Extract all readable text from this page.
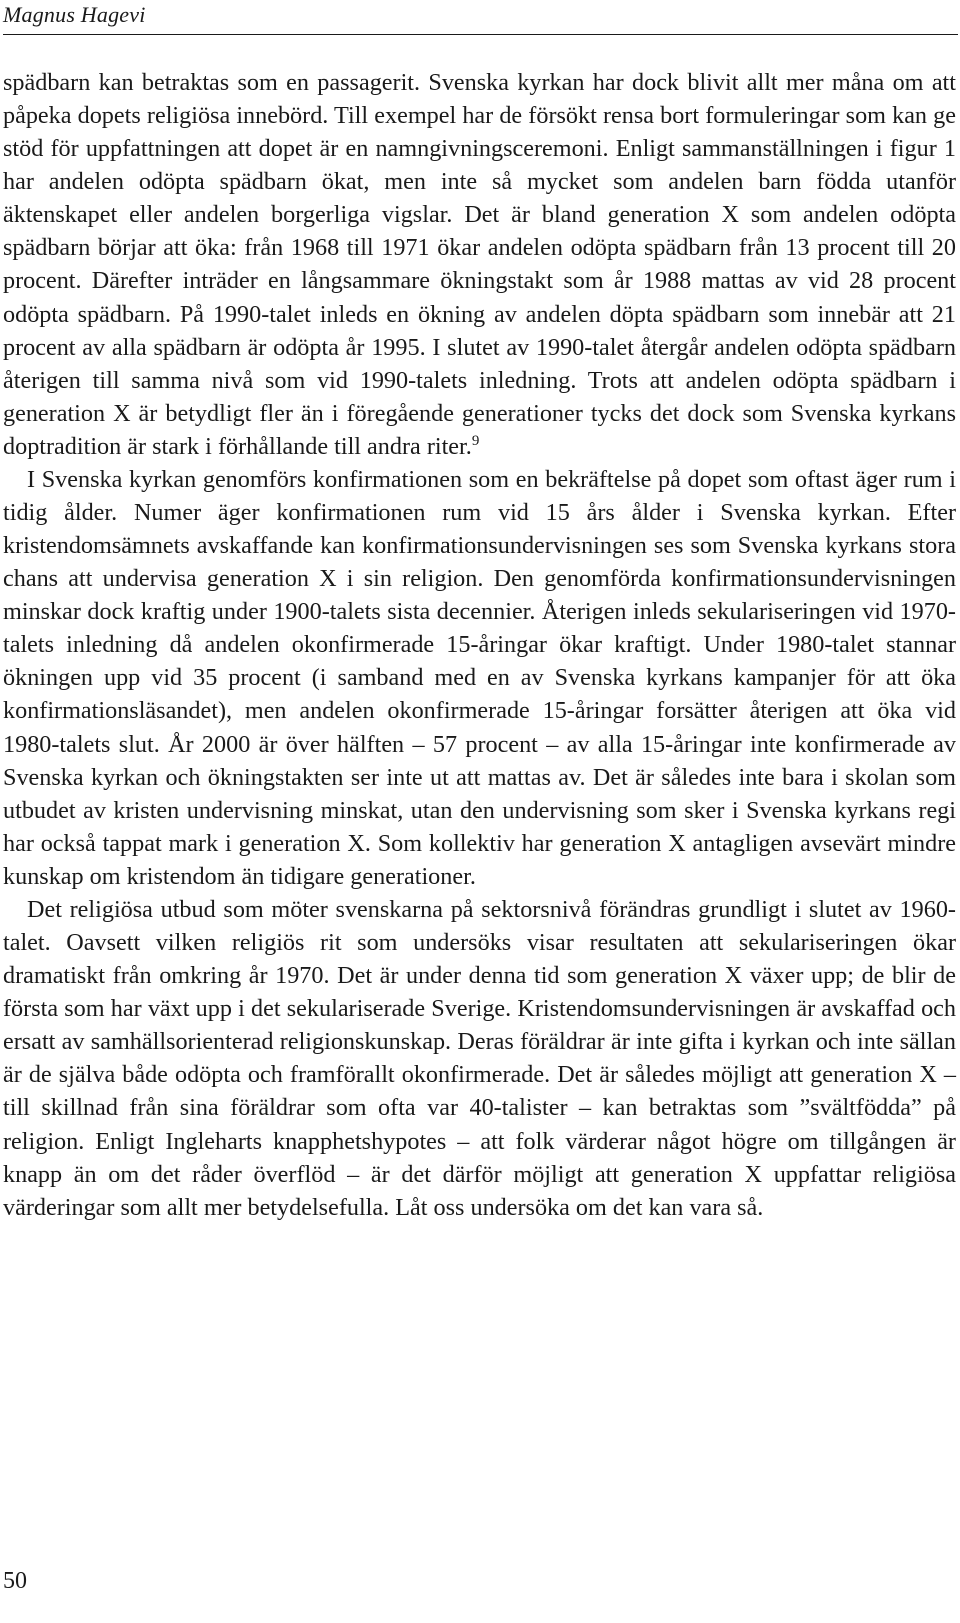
Magnus Hagevi

spädbarn kan betraktas som en passagerit. Svenska kyrkan har dock blivit allt mer måna om att påpeka dopets religiösa innebörd. Till exempel har de försökt rensa bort formuleringar som kan ge stöd för uppfattningen att dopet är en namngivningsceremoni. Enligt sammanställningen i figur 1 har andelen odöpta spädbarn ökat, men inte så mycket som andelen barn födda utanför äktenskapet eller andelen borgerliga vigslar. Det är bland generation X som andelen odöpta spädbarn börjar att öka: från 1968 till 1971 ökar andelen odöpta spädbarn från 13 procent till 20 procent. Därefter inträder en långsammare ökningstakt som år 1988 mattas av vid 28 procent odöpta spädbarn. På 1990-talet inleds en ökning av andelen döpta spädbarn som innebär att 21 procent av alla spädbarn är odöpta år 1995. I slutet av 1990-talet återgår andelen odöpta spädbarn återigen till samma nivå som vid 1990-talets inledning. Trots att andelen odöpta spädbarn i generation X är betydligt fler än i föregående generationer tycks det dock som Svenska kyrkans doptradition är stark i förhållande till andra riter.$^9$

I Svenska kyrkan genomförs konfirmationen som en bekräftelse på dopet som oftast äger rum i tidig ålder. Numer äger konfirmationen rum vid 15 års ålder i Svenska kyrkan. Efter kristendomsämnets avskaffande kan konfirmationsundervisningen ses som Svenska kyrkans stora chans att undervisa generation X i sin religion. Den genomförda konfirmationsundervisningen minskar dock kraftig under 1900-talets sista decennier. Återigen inleds sekulariseringen vid 1970-talets inledning då andelen okonfirmerade 15-åringar ökar kraftigt. Under 1980-talet stannar ökningen upp vid 35 procent (i samband med en av Svenska kyrkans kampanjer för att öka konfirmationsläsandet), men andelen okonfirmerade 15-åringar forsätter återigen att öka vid 1980-talets slut. År 2000 är över hälften – 57 procent – av alla 15-åringar inte konfirmerade av Svenska kyrkan och ökningstakten ser inte ut att mattas av. Det är således inte bara i skolan som utbudet av kristen undervisning minskat, utan den undervisning som sker i Svenska kyrkans regi har också tappat mark i generation X. Som kollektiv har generation X antagligen avsevärt mindre kunskap om kristendom än tidigare generationer.

Det religiösa utbud som möter svenskarna på sektorsnivå förändras grundligt i slutet av 1960-talet. Oavsett vilken religiös rit som undersöks visar resultaten att sekulariseringen ökar dramatiskt från omkring år 1970. Det är under denna tid som generation X växer upp; de blir de första som har växt upp i det sekulariserade Sverige. Kristendomsundervisningen är avskaffad och ersatt av samhällsorienterad religionskunskap. Deras föräldrar är inte gifta i kyrkan och inte sällan är de själva både odöpta och framförallt okonfirmerade. Det är således möjligt att generation X – till skillnad från sina föräldrar som ofta var 40-talister – kan betraktas som ”svältfödda” på religion. Enligt Ingleharts knapphetshypotes – att folk värderar något högre om tillgången är knapp än om det råder överflöd – är det därför möjligt att generation X uppfattar religiösa värderingar som allt mer betydelsefulla. Låt oss undersöka om det kan vara så.

50
